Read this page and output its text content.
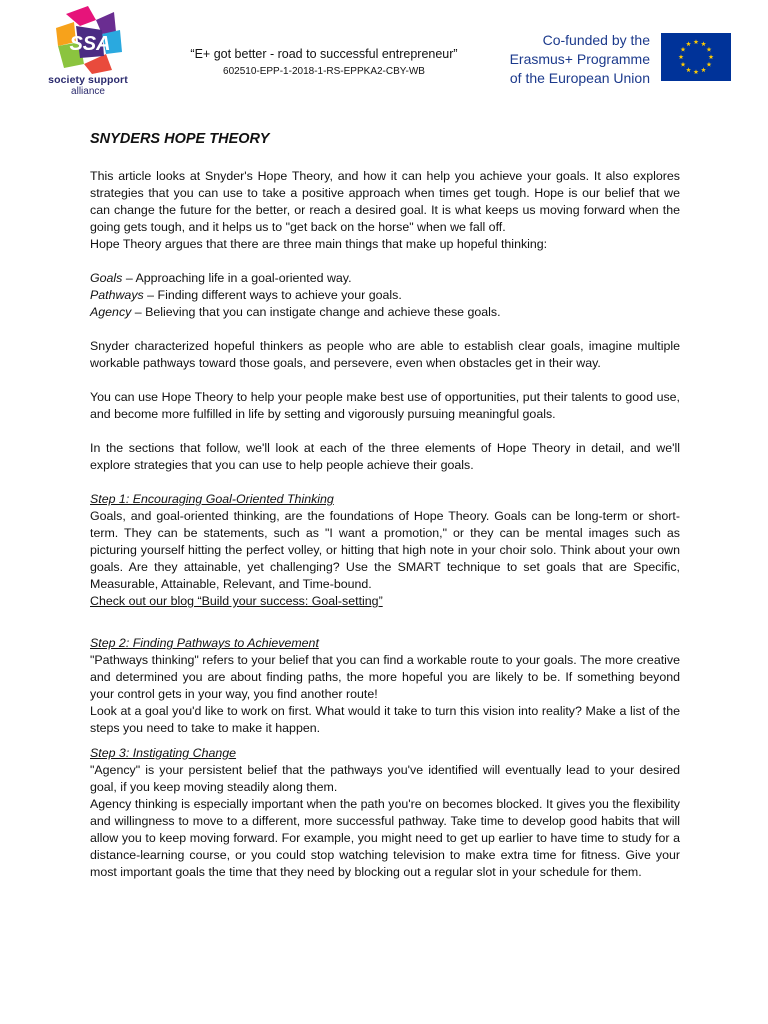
SSA
society support
alliance
“E+ got better - road to successful entrepreneur”
602510-EPP-1-2018-1-RS-EPPKA2-CBY-WB
Co-funded by the
Erasmus+ Programme
of the European Union
SNYDERS HOPE THEORY

This article looks at Snyder's Hope Theory, and how it can help you achieve your goals. It also explores strategies that you can use to take a positive approach when times get tough. Hope is our belief that we can change the future for the better, or reach a desired goal. It is what keeps us moving forward when the going gets tough, and it helps us to "get back on the horse" when we fall off.

Hope Theory argues that there are three main things that make up hopeful thinking:

Goals – Approaching life in a goal-oriented way.

Pathways – Finding different ways to achieve your goals.

Agency – Believing that you can instigate change and achieve these goals.

Snyder characterized hopeful thinkers as people who are able to establish clear goals, imagine multiple workable pathways toward those goals, and persevere, even when obstacles get in their way.

You can use Hope Theory to help your people make best use of opportunities, put their talents to good use, and become more fulfilled in life by setting and vigorously pursuing meaningful goals.

In the sections that follow, we'll look at each of the three elements of Hope Theory in detail, and we'll explore strategies that you can use to help people achieve their goals.

Step 1: Encouraging Goal-Oriented Thinking

Goals, and goal-oriented thinking, are the foundations of Hope Theory. Goals can be long-term or short-term. They can be statements, such as "I want a promotion," or they can be mental images such as picturing yourself hitting the perfect volley, or hitting that high note in your choir solo. Think about your own goals. Are they attainable, yet challenging? Use the SMART technique to set goals that are Specific, Measurable, Attainable, Relevant, and Time-bound.

Check out our blog “Build your success: Goal-setting”

Step 2: Finding Pathways to Achievement

"Pathways thinking" refers to your belief that you can find a workable route to your goals. The more creative and determined you are about finding paths, the more hopeful you are likely to be. If something beyond your control gets in your way, you find another route!

Look at a goal you'd like to work on first. What would it take to turn this vision into reality? Make a list of the steps you need to take to make it happen.

Step 3: Instigating Change

"Agency" is your persistent belief that the pathways you've identified will eventually lead to your desired goal, if you keep moving steadily along them.

Agency thinking is especially important when the path you're on becomes blocked. It gives you the flexibility and willingness to move to a different, more successful pathway. Take time to develop good habits that will allow you to keep moving forward. For example, you might need to get up earlier to have time to study for a distance-learning course, or you could stop watching television to make extra time for fitness. Give your most important goals the time that they need by blocking out a regular slot in your schedule for them.
